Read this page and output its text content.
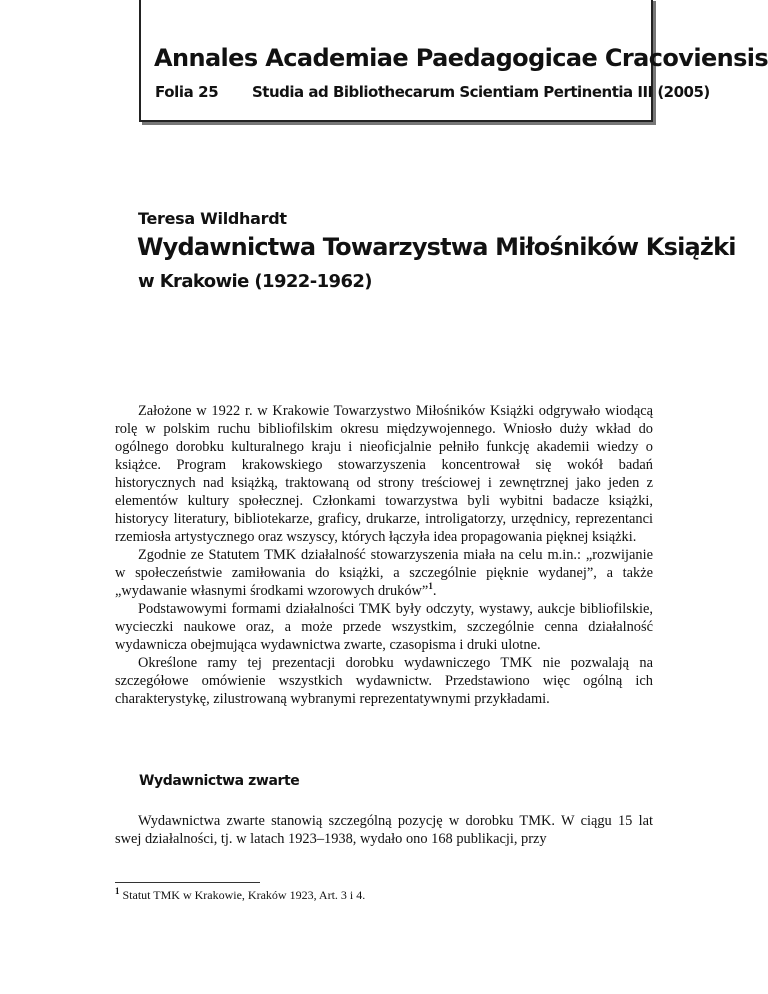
Annales Academiae Paedagogicae Cracoviensis
Folia 25 Studia ad Bibliothecarum Scientiam Pertinentia III (2005)
Teresa Wildhardt
Wydawnictwa Towarzystwa Miłośników Książki
w Krakowie (1922-1962)

Założone w 1922 r. w Krakowie Towarzystwo Miłośników Książki odgrywało wiodącą rolę w polskim ruchu bibliofilskim okresu międzywojennego. Wniosło duży wkład do ogólnego dorobku kulturalnego kraju i nieoficjalnie pełniło funkcję akademii wiedzy o książce. Program krakowskiego stowarzyszenia koncentrował się wokół badań historycznych nad książką, traktowaną od strony treściowej i zewnętrznej jako jeden z elementów kultury społecznej. Członkami towarzystwa byli wybitni badacze książki, historycy literatury, bibliotekarze, graficy, drukarze, introligatorzy, urzędnicy, reprezentanci rzemiosła artystycznego oraz wszyscy, których łączyła idea propagowania pięknej książki.

Zgodnie ze Statutem TMK działalność stowarzyszenia miała na celu m.in.: „rozwijanie w społeczeństwie zamiłowania do książki, a szczególnie pięknie wydanej”, a także „wydawanie własnymi środkami wzorowych druków”$^1$.

Podstawowymi formami działalności TMK były odczyty, wystawy, aukcje bibliofilskie, wycieczki naukowe oraz, a może przede wszystkim, szczególnie cenna działalność wydawnicza obejmująca wydawnictwa zwarte, czasopisma i druki ulotne.

Określone ramy tej prezentacji dorobku wydawniczego TMK nie pozwalają na szczegółowe omówienie wszystkich wydawnictw. Przedstawiono więc ogólną ich charakterystykę, zilustrowaną wybranymi reprezentatywnymi przykładami.

Wydawnictwa zwarte

Wydawnictwa zwarte stanowią szczególną pozycję w dorobku TMK. W ciągu 15 lat swej działalności, tj. w latach 1923–1938, wydało ono 168 publikacji, przy

$^1$ Statut TMK w Krakowie, Kraków 1923, Art. 3 i 4.
